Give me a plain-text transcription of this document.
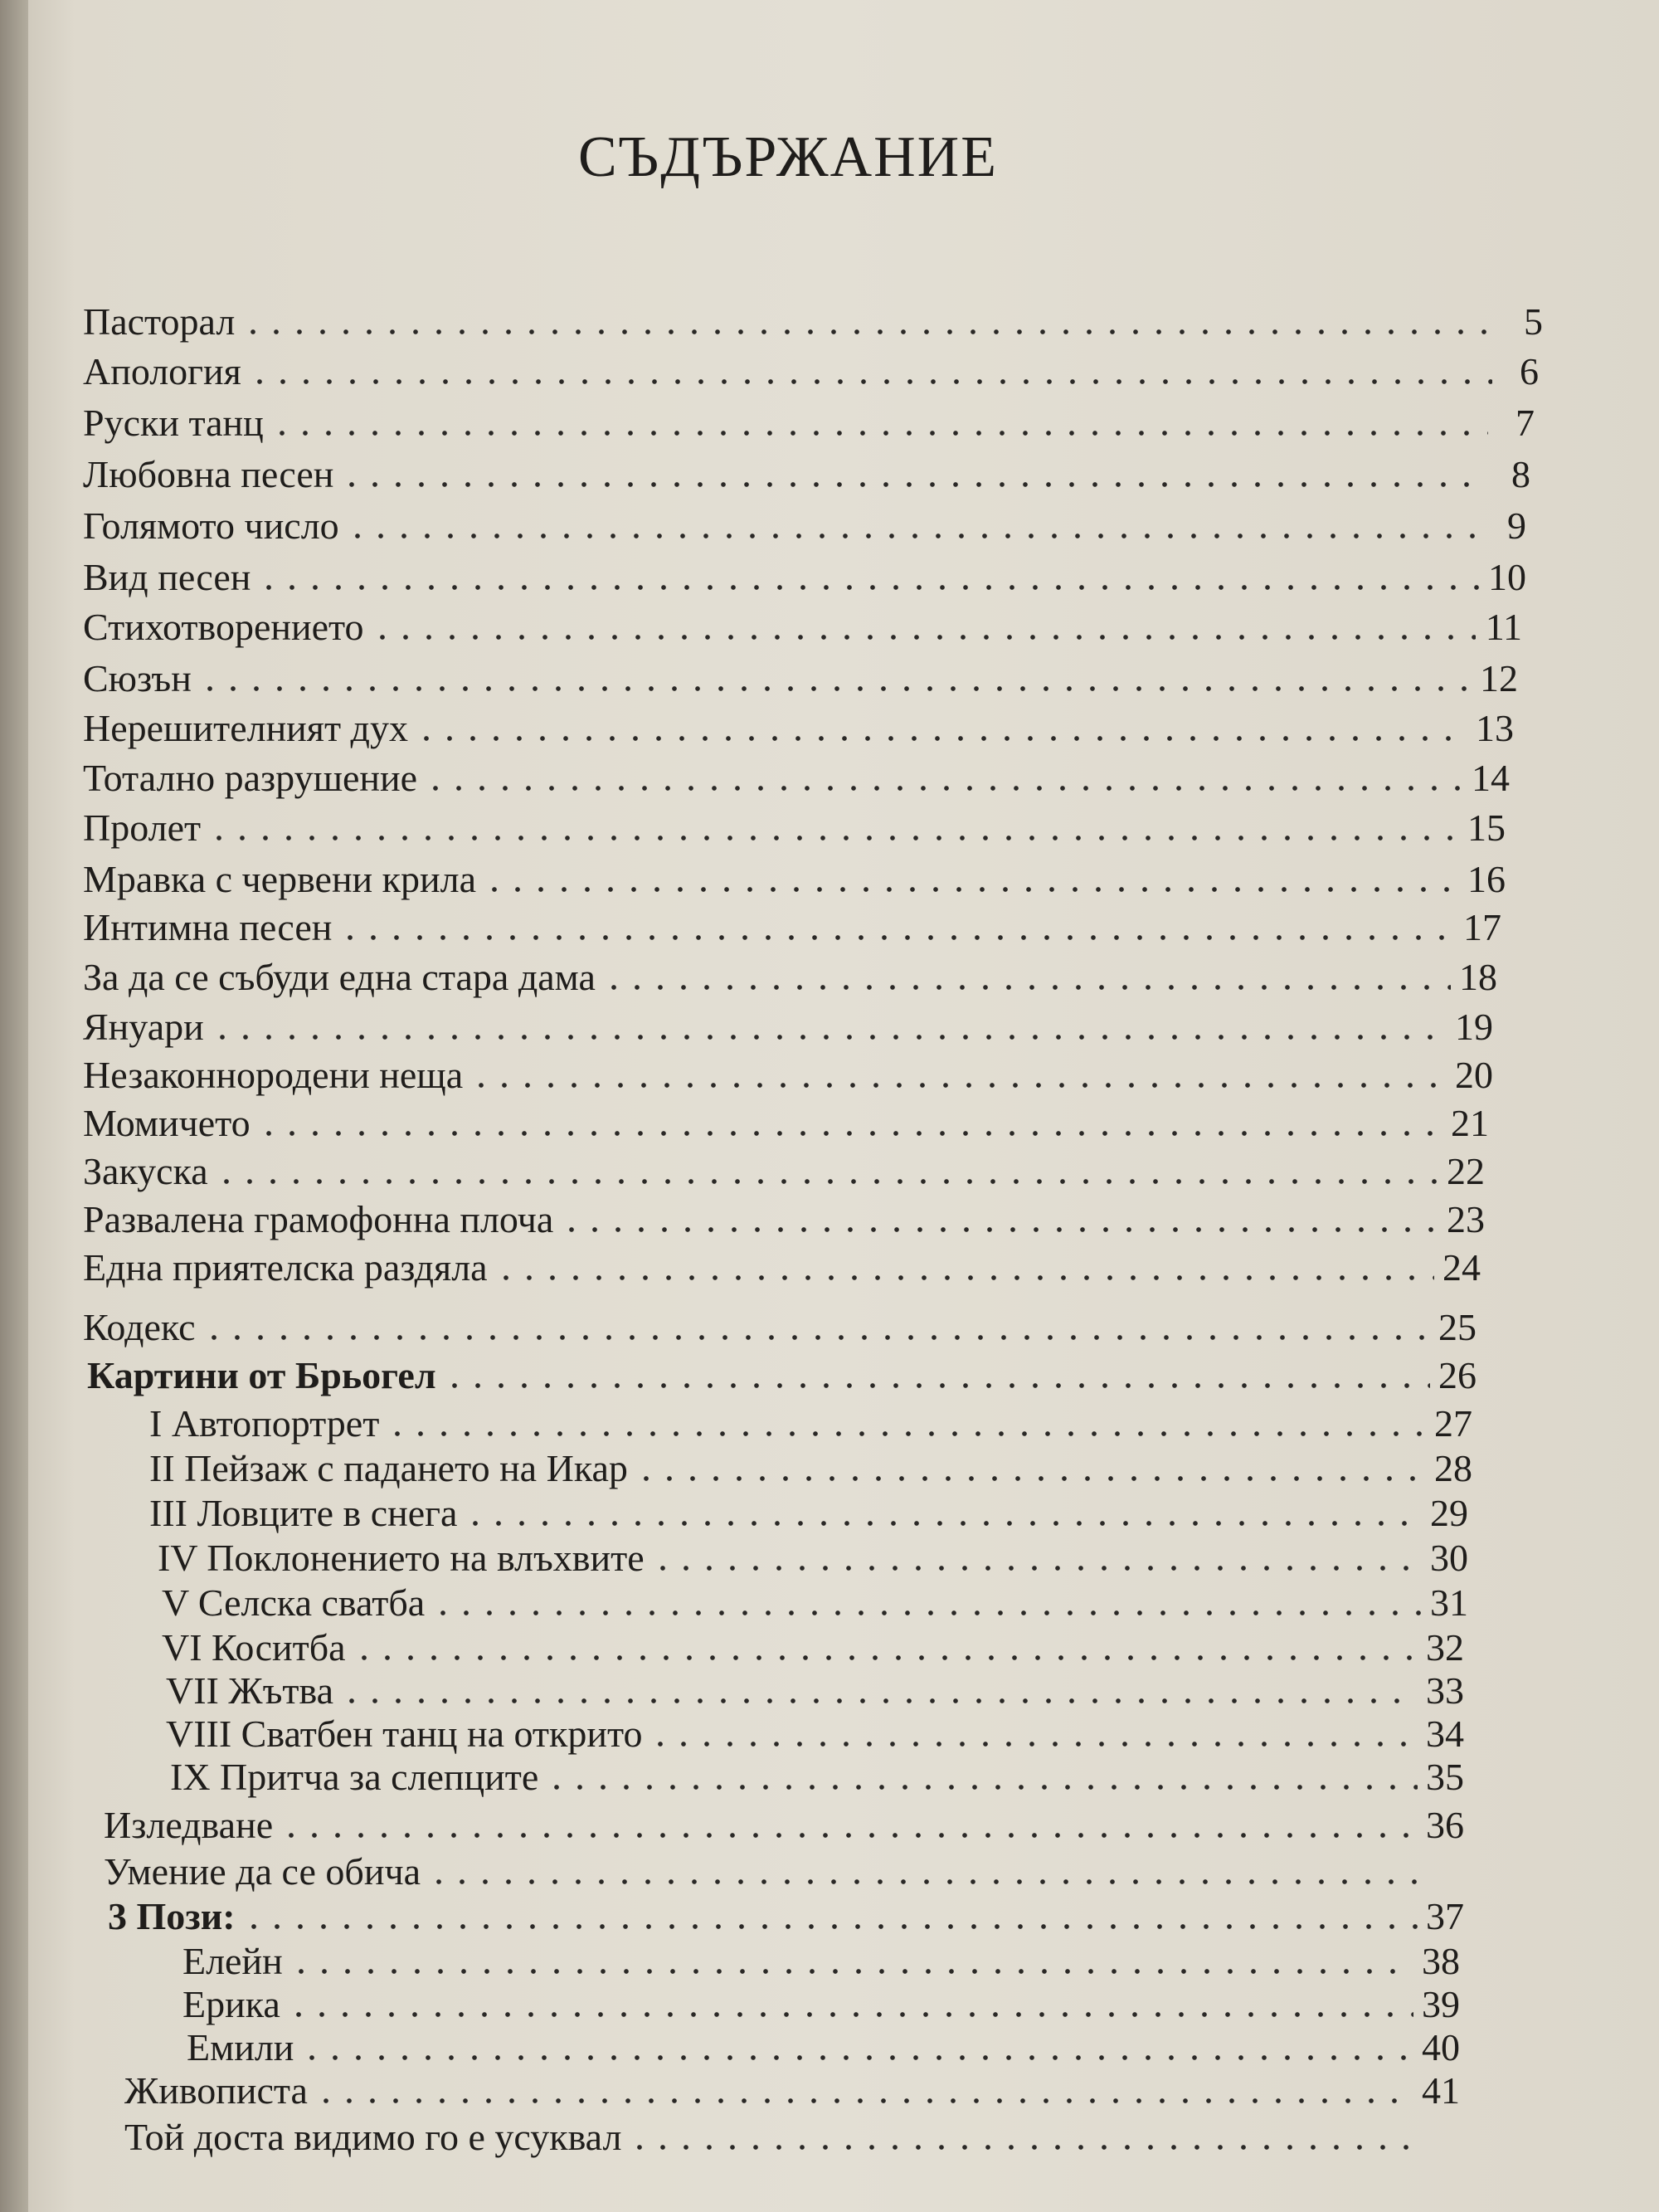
СЪДЪРЖАНИЕ
Пасторал	5
Апология	6
Руски танц	7
Любовна песен	8
Голямото число	9
Вид песен	10
Стихотворението	11
Сюзън	12
Нерешителният дух	13
Тотално разрушение	14
Пролет	15
Мравка с червени крила	16
Интимна песен	17
За да се събуди една стара дама	18
Януари	19
Незаконнородени неща	20
Момичето	21
Закуска	22
Развалена грамофонна плоча	23
Една приятелска раздяла	24
Кодекс	25
Картини от Брьогел	26
I Автопортрет	27
II Пейзаж с падането на Икар	28
III Ловците в снега	29
IV Поклонението на влъхвите	30
V Селска сватба	31
VI Коситба	32
VII Жътва	33
VIII Сватбен танц на открито	34
IX Притча за слепците	35
Изледване	36
Умение да се обича
3 Пози:	37
Елейн	38
Ерика	39
Емили	40
Живописта	41
Той доста видимо го е усуквал
